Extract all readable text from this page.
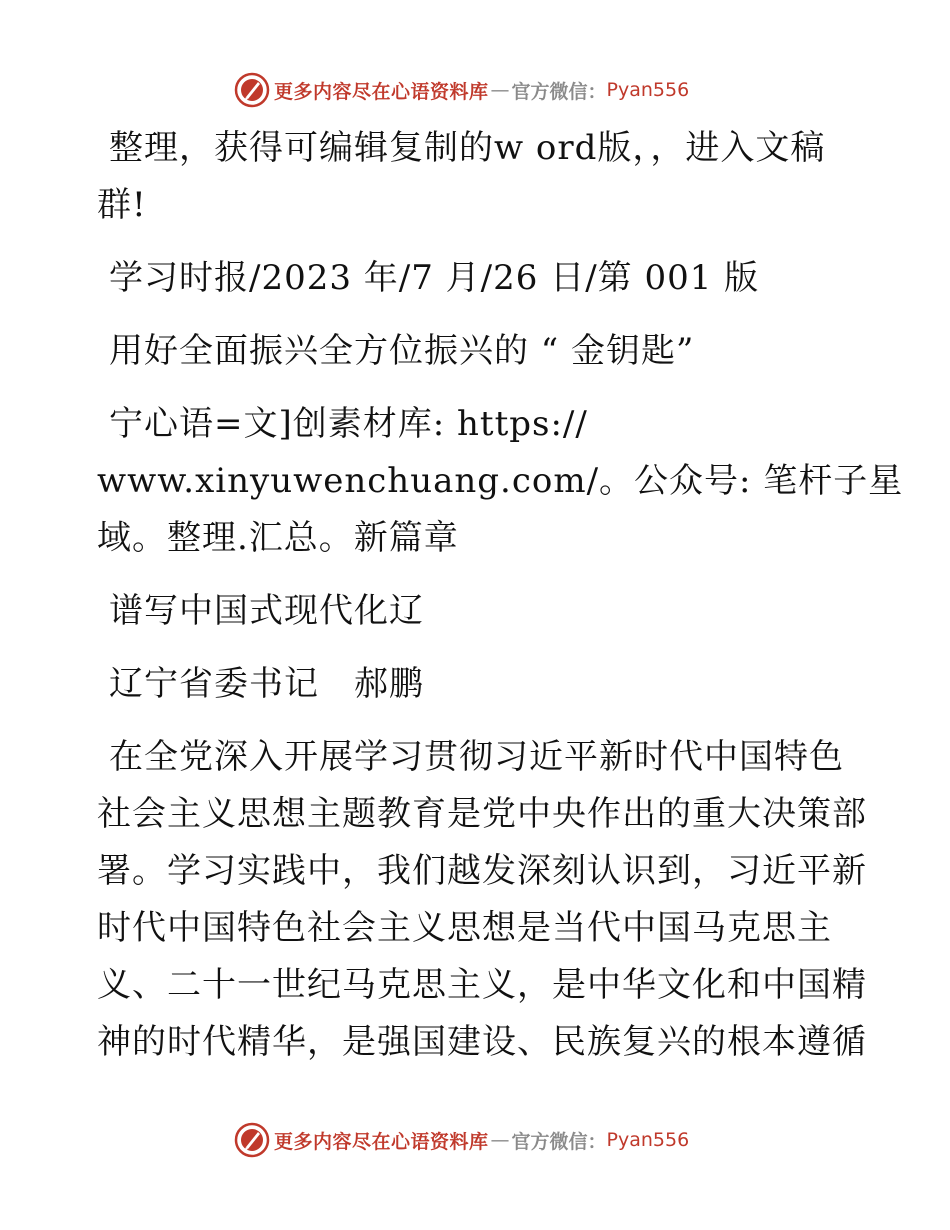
更多内容尽在心语资料库 — 官方微信： Pyan556
整理，获得可编辑复制的w ord版，，进入文稿
群!
学习时报/2023 年/7 月/26 日/第 001 版
用好全面振兴全方位振兴的 “ 金钥匙”
宁心语=文]创素材库: https://
www.xinyuwenchuang.com/。公众号: 笔杆子星
域。整理.汇总。新篇章
谱写中国式现代化辽
辽宁省委书记　郝鹏
在全党深入开展学习贯彻习近平新时代中国特色
社会主义思想主题教育是党中央作出的重大决策部
署。学习实践中，我们越发深刻认识到，习近平新
时代中国特色社会主义思想是当代中国马克思主
义、二十一世纪马克思主义，是中华文化和中国精
神的时代精华，是强国建设、民族复兴的根本遵循
更多内容尽在心语资料库 — 官方微信： Pyan556
